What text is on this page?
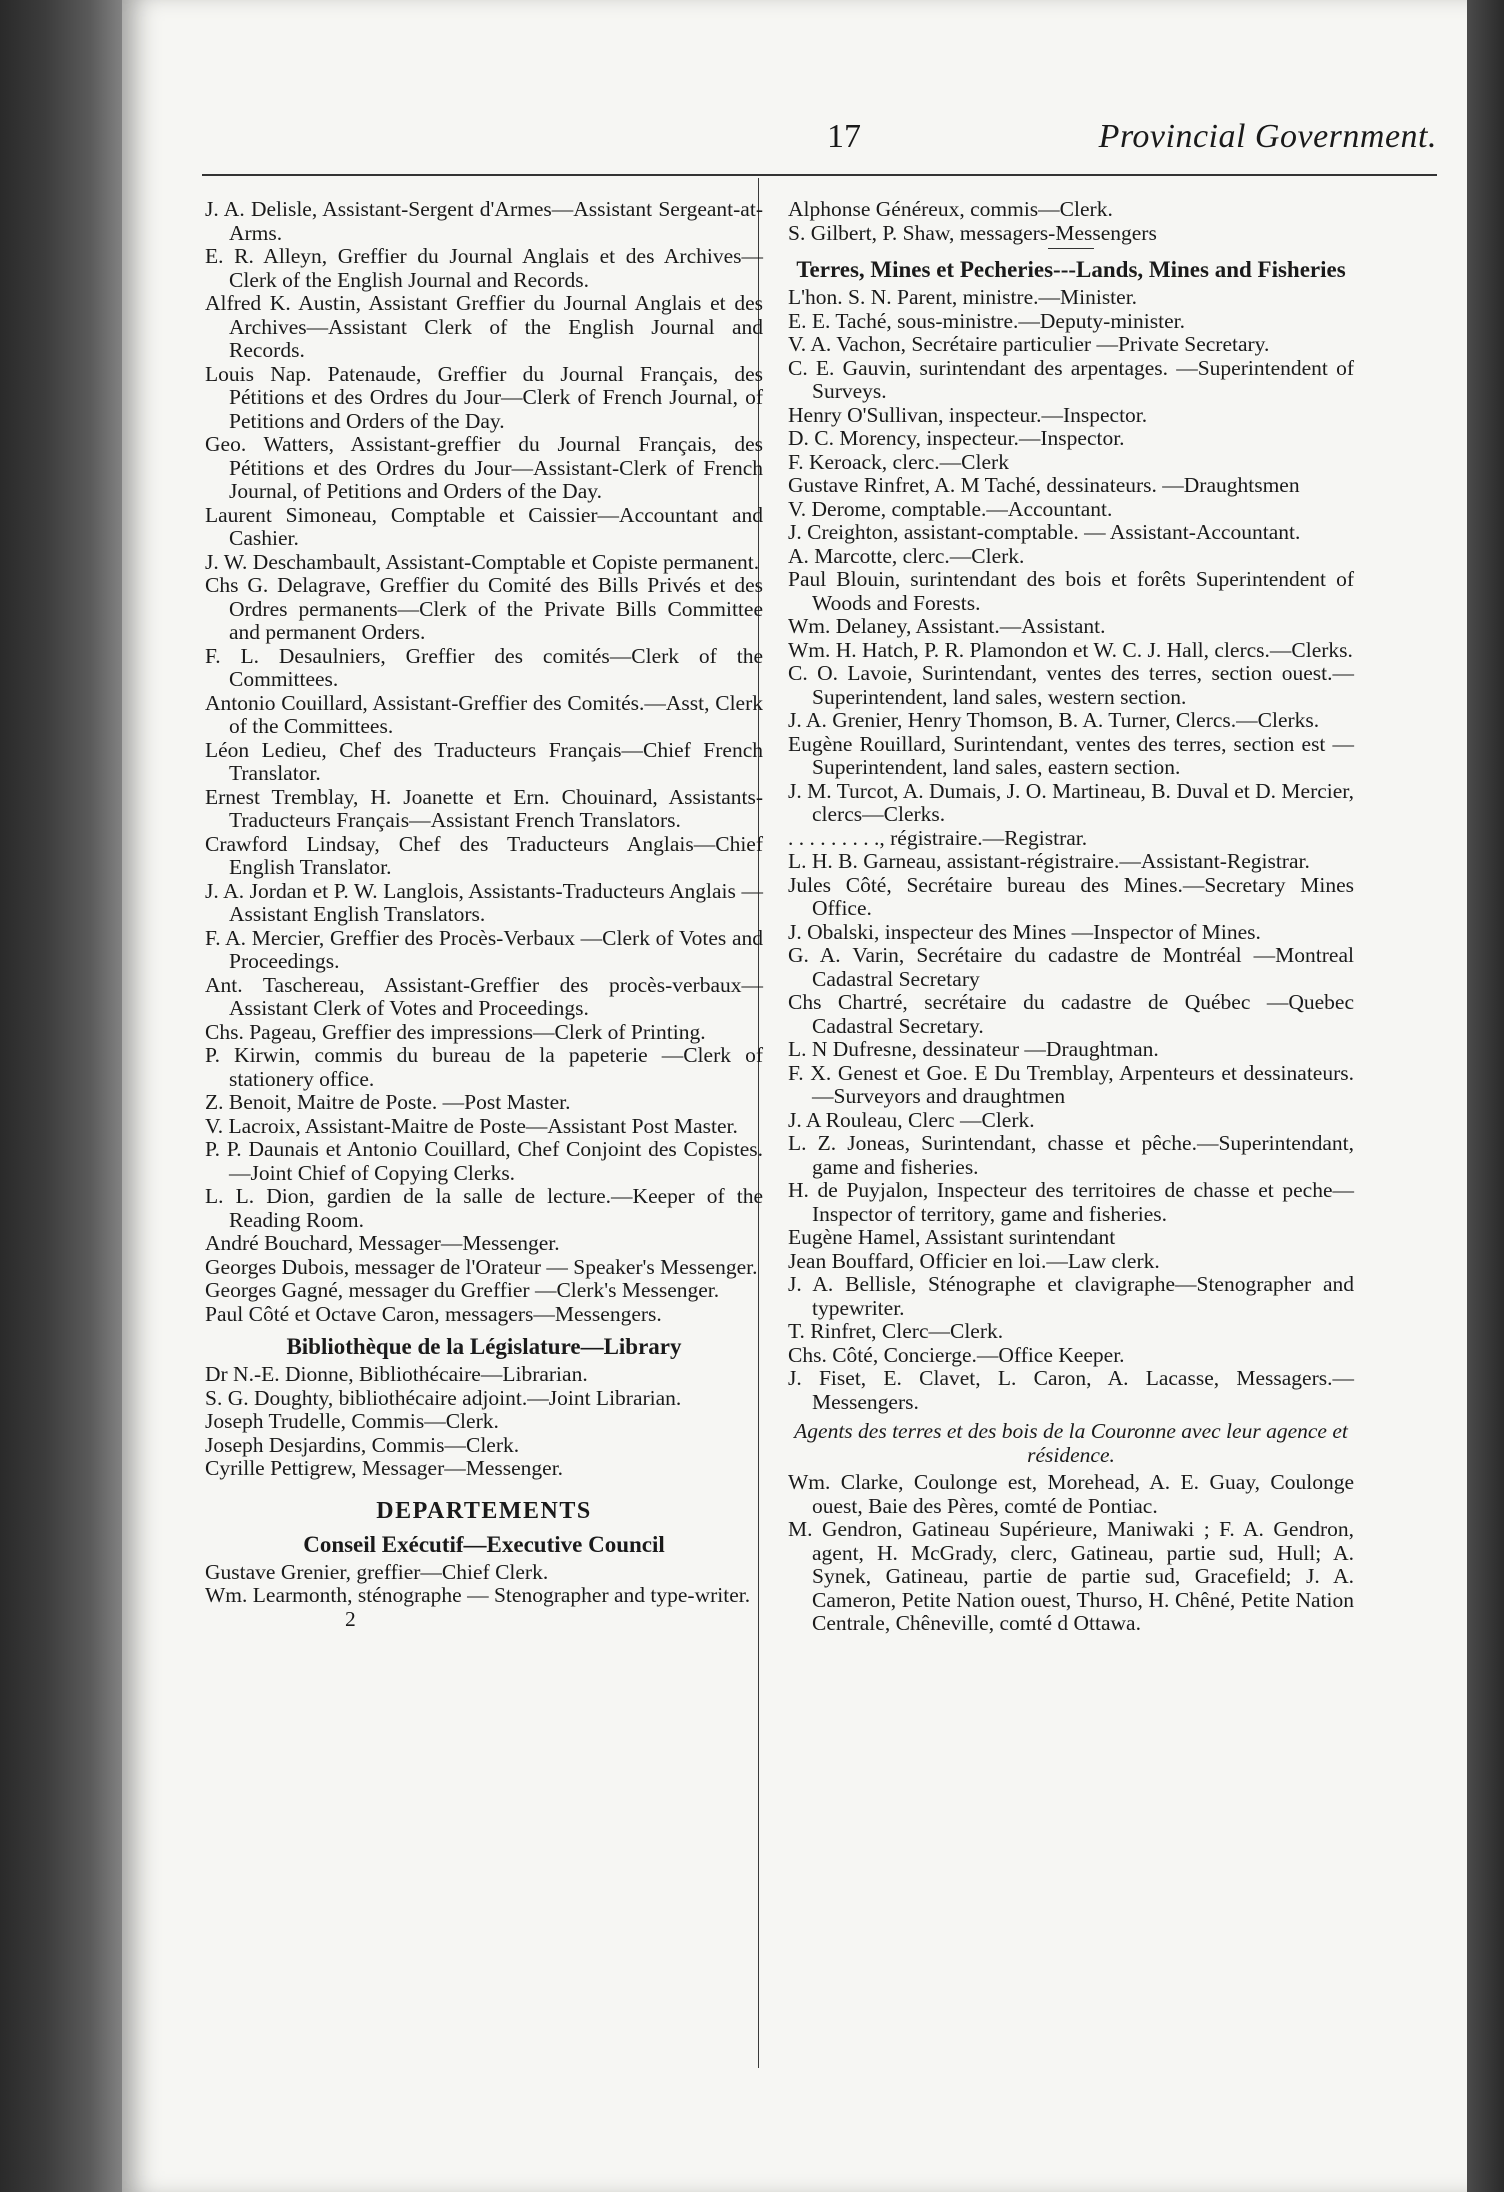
17	Provincial Government.

J. A. Delisle, Assistant-Sergent d'Armes—Assistant Sergeant-at-Arms.

E. R. Alleyn, Greffier du Journal Anglais et des Archives—Clerk of the English Journal and Records.

Alfred K. Austin, Assistant Greffier du Journal Anglais et des Archives—Assistant Clerk of the English Journal and Records.

Louis Nap. Patenaude, Greffier du Journal Français, des Pétitions et des Ordres du Jour—Clerk of French Journal, of Petitions and Orders of the Day.

Geo. Watters, Assistant-greffier du Journal Français, des Pétitions et des Ordres du Jour—Assistant-Clerk of French Journal, of Petitions and Orders of the Day.

Laurent Simoneau, Comptable et Caissier—Accountant and Cashier.

J. W. Deschambault, Assistant-Comptable et Copiste permanent.

Chs G. Delagrave, Greffier du Comité des Bills Privés et des Ordres permanents—Clerk of the Private Bills Committee and permanent Orders.

F. L. Desaulniers, Greffier des comités—Clerk of the Committees.

Antonio Couillard, Assistant-Greffier des Comités.—Asst, Clerk of the Committees.

Léon Ledieu, Chef des Traducteurs Français—Chief French Translator.

Ernest Tremblay, H. Joanette et Ern. Chouinard, Assistants-Traducteurs Français—Assistant French Translators.

Crawford Lindsay, Chef des Traducteurs Anglais—Chief English Translator.

J. A. Jordan et P. W. Langlois, Assistants-Traducteurs Anglais — Assistant English Translators.

F. A. Mercier, Greffier des Procès-Verbaux —Clerk of Votes and Proceedings.

Ant. Taschereau, Assistant-Greffier des procès-verbaux—Assistant Clerk of Votes and Proceedings.

Chs. Pageau, Greffier des impressions—Clerk of Printing.

P. Kirwin, commis du bureau de la papeterie —Clerk of stationery office.

Z. Benoit, Maitre de Poste. —Post Master.

V. Lacroix, Assistant-Maitre de Poste—Assistant Post Master.

P. P. Daunais et Antonio Couillard, Chef Conjoint des Copistes.—Joint Chief of Copying Clerks.

L. L. Dion, gardien de la salle de lecture.—Keeper of the Reading Room.

André Bouchard, Messager—Messenger.

Georges Dubois, messager de l'Orateur — Speaker's Messenger.

Georges Gagné, messager du Greffier —Clerk's Messenger.

Paul Côté et Octave Caron, messagers—Messengers.

Bibliothèque de la Législature—Library

Dr N.-E. Dionne, Bibliothécaire—Librarian.

S. G. Doughty, bibliothécaire adjoint.—Joint Librarian.

Joseph Trudelle, Commis—Clerk.

Joseph Desjardins, Commis—Clerk.

Cyrille Pettigrew, Messager—Messenger.

DEPARTEMENTS
Conseil Exécutif—Executive Council

Gustave Grenier, greffier—Chief Clerk.

Wm. Learmonth, sténographe — Stenographer and type-writer.

2

Alphonse Généreux, commis—Clerk.

S. Gilbert, P. Shaw, messagers-Messengers

Terres, Mines et Pecheries---Lands, Mines and Fisheries

L'hon. S. N. Parent, ministre.—Minister.

E. E. Taché, sous-ministre.—Deputy-minister.

V. A. Vachon, Secrétaire particulier —Private Secretary.

C. E. Gauvin, surintendant des arpentages. —Superintendent of Surveys.

Henry O'Sullivan, inspecteur.—Inspector.

D. C. Morency, inspecteur.—Inspector.

F. Keroack, clerc.—Clerk

Gustave Rinfret, A. M Taché, dessinateurs. —Draughtsmen

V. Derome, comptable.—Accountant.

J. Creighton, assistant-comptable. — Assistant-Accountant.

A. Marcotte, clerc.—Clerk.

Paul Blouin, surintendant des bois et forêts Superintendent of Woods and Forests.

Wm. Delaney, Assistant.—Assistant.

Wm. H. Hatch, P. R. Plamondon et W. C. J. Hall, clercs.—Clerks.

C. O. Lavoie, Surintendant, ventes des terres, section ouest.—Superintendent, land sales, western section.

J. A. Grenier, Henry Thomson, B. A. Turner, Clercs.—Clerks.

Eugène Rouillard, Surintendant, ventes des terres, section est — Superintendent, land sales, eastern section.

J. M. Turcot, A. Dumais, J. O. Martineau, B. Duval et D. Mercier, clercs—Clerks.

. . . . . . . . ., régistraire.—Registrar.

L. H. B. Garneau, assistant-régistraire.—Assistant-Registrar.

Jules Côté, Secrétaire bureau des Mines.—Secretary Mines Office.

J. Obalski, inspecteur des Mines —Inspector of Mines.

G. A. Varin, Secrétaire du cadastre de Montréal —Montreal Cadastral Secretary

Chs Chartré, secrétaire du cadastre de Québec —Quebec Cadastral Secretary.

L. N Dufresne, dessinateur —Draughtman.

F. X. Genest et Goe. E Du Tremblay, Arpenteurs et dessinateurs.—Surveyors and draughtmen

J. A Rouleau, Clerc —Clerk.

L. Z. Joneas, Surintendant, chasse et pêche.—Superintendant, game and fisheries.

H. de Puyjalon, Inspecteur des territoires de chasse et peche— Inspector of territory, game and fisheries.

Eugène Hamel, Assistant surintendant

Jean Bouffard, Officier en loi.—Law clerk.

J. A. Bellisle, Sténographe et clavigraphe—Stenographer and typewriter.

T. Rinfret, Clerc—Clerk.

Chs. Côté, Concierge.—Office Keeper.

J. Fiset, E. Clavet, L. Caron, A. Lacasse, Messagers.—Messengers.

Agents des terres et des bois de la Couronne avec leur agence et résidence.

Wm. Clarke, Coulonge est, Morehead, A. E. Guay, Coulonge ouest, Baie des Pères, comté de Pontiac.

M. Gendron, Gatineau Supérieure, Maniwaki ; F. A. Gendron, agent, H. McGrady, clerc, Gatineau, partie sud, Hull; A. Synek, Gatineau, partie de partie sud, Gracefield; J. A. Cameron, Petite Nation ouest, Thurso, H. Chêné, Petite Nation Centrale, Chêneville, comté d Ottawa.
